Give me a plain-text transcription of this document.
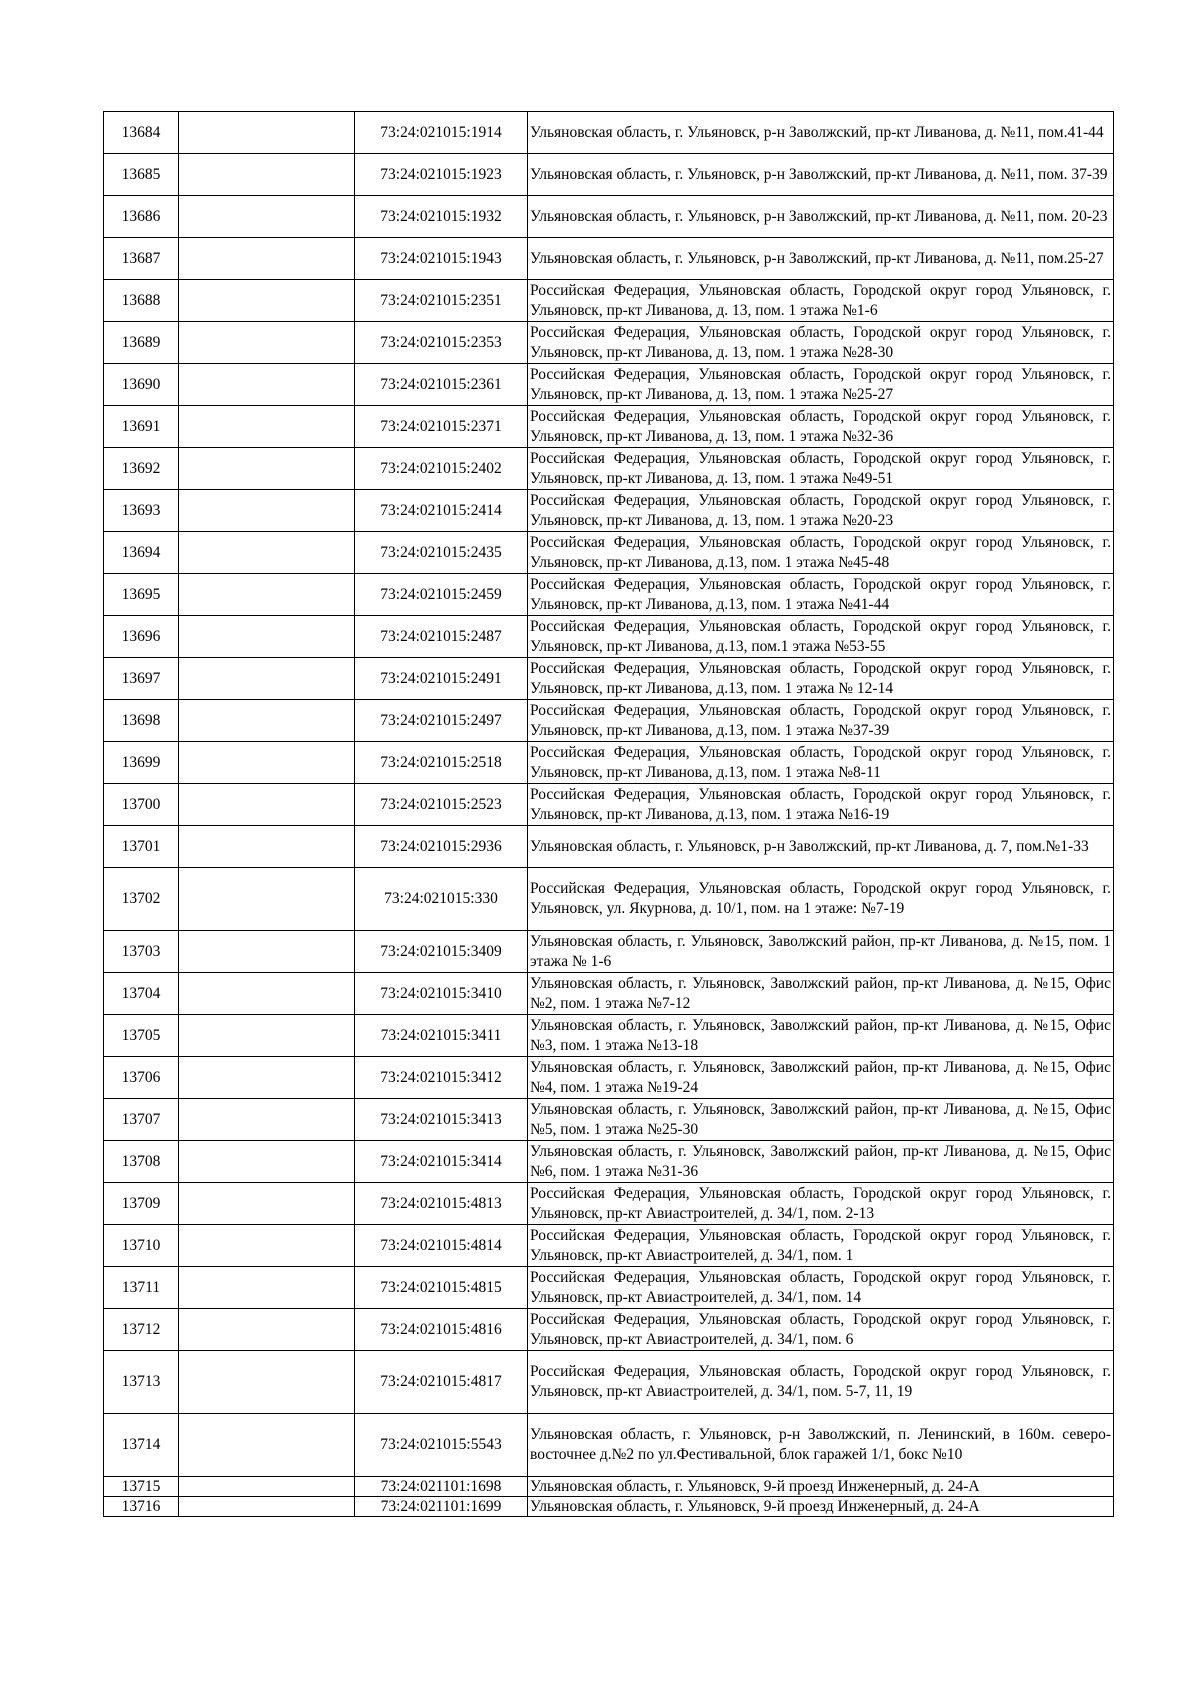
13684		73:24:021015:1914	Ульяновская область, г. Ульяновск, р-н Заволжский, пр-кт Ливанова, д. №11, пом.41-44
13685		73:24:021015:1923	Ульяновская область, г. Ульяновск, р-н Заволжский, пр-кт Ливанова, д. №11, пом. 37-39
13686		73:24:021015:1932	Ульяновская область, г. Ульяновск, р-н Заволжский, пр-кт Ливанова, д. №11, пом. 20-23
13687		73:24:021015:1943	Ульяновская область, г. Ульяновск, р-н Заволжский, пр-кт Ливанова, д. №11, пом.25-27
13688		73:24:021015:2351	Российская Федерация, Ульяновская область, Городской округ город Ульяновск, г. Ульяновск, пр-кт Ливанова, д. 13, пом. 1 этажа №1-6
13689		73:24:021015:2353	Российская Федерация, Ульяновская область, Городской округ город Ульяновск, г. Ульяновск, пр-кт Ливанова, д. 13, пом. 1 этажа №28-30
13690		73:24:021015:2361	Российская Федерация, Ульяновская область, Городской округ город Ульяновск, г. Ульяновск, пр-кт Ливанова, д. 13, пом. 1 этажа №25-27
13691		73:24:021015:2371	Российская Федерация, Ульяновская область, Городской округ город Ульяновск, г. Ульяновск, пр-кт Ливанова, д. 13, пом. 1 этажа №32-36
13692		73:24:021015:2402	Российская Федерация, Ульяновская область, Городской округ город Ульяновск, г. Ульяновск, пр-кт Ливанова, д. 13, пом. 1 этажа №49-51
13693		73:24:021015:2414	Российская Федерация, Ульяновская область, Городской округ город Ульяновск, г. Ульяновск, пр-кт Ливанова, д. 13, пом. 1 этажа №20-23
13694		73:24:021015:2435	Российская Федерация, Ульяновская область, Городской округ город Ульяновск, г. Ульяновск, пр-кт Ливанова, д.13, пом. 1 этажа №45-48
13695		73:24:021015:2459	Российская Федерация, Ульяновская область, Городской округ город Ульяновск, г. Ульяновск, пр-кт Ливанова, д.13, пом. 1 этажа №41-44
13696		73:24:021015:2487	Российская Федерация, Ульяновская область, Городской округ город Ульяновск, г. Ульяновск, пр-кт Ливанова, д.13, пом.1 этажа №53-55
13697		73:24:021015:2491	Российская Федерация, Ульяновская область, Городской округ город Ульяновск, г. Ульяновск, пр-кт Ливанова, д.13, пом. 1 этажа № 12-14
13698		73:24:021015:2497	Российская Федерация, Ульяновская область, Городской округ город Ульяновск, г. Ульяновск, пр-кт Ливанова, д.13, пом. 1 этажа №37-39
13699		73:24:021015:2518	Российская Федерация, Ульяновская область, Городской округ город Ульяновск, г. Ульяновск, пр-кт Ливанова, д.13, пом. 1 этажа №8-11
13700		73:24:021015:2523	Российская Федерация, Ульяновская область, Городской округ город Ульяновск, г. Ульяновск, пр-кт Ливанова, д.13, пом. 1 этажа №16-19
13701		73:24:021015:2936	Ульяновская область, г. Ульяновск, р-н Заволжский, пр-кт Ливанова, д. 7, пом.№1-33
13702		73:24:021015:330	Российская Федерация, Ульяновская область, Городской округ город Ульяновск, г. Ульяновск, ул. Якурнова, д. 10/1, пом. на 1 этаже: №7-19
13703		73:24:021015:3409	Ульяновская область, г. Ульяновск, Заволжский район, пр-кт Ливанова, д. №15, пом. 1 этажа № 1-6
13704		73:24:021015:3410	Ульяновская область, г. Ульяновск, Заволжский район, пр-кт Ливанова, д. №15, Офис №2, пом. 1 этажа №7-12
13705		73:24:021015:3411	Ульяновская область, г. Ульяновск, Заволжский район, пр-кт Ливанова, д. №15, Офис №3, пом. 1 этажа №13-18
13706		73:24:021015:3412	Ульяновская область, г. Ульяновск, Заволжский район, пр-кт Ливанова, д. №15, Офис №4, пом. 1 этажа №19-24
13707		73:24:021015:3413	Ульяновская область, г. Ульяновск, Заволжский район, пр-кт Ливанова, д. №15, Офис №5, пом. 1 этажа №25-30
13708		73:24:021015:3414	Ульяновская область, г. Ульяновск, Заволжский район, пр-кт Ливанова, д. №15, Офис №6, пом. 1 этажа №31-36
13709		73:24:021015:4813	Российская Федерация, Ульяновская область, Городской округ город Ульяновск, г. Ульяновск, пр-кт Авиастроителей, д. 34/1, пом. 2-13
13710		73:24:021015:4814	Российская Федерация, Ульяновская область, Городской округ город Ульяновск, г. Ульяновск, пр-кт Авиастроителей, д. 34/1, пом. 1
13711		73:24:021015:4815	Российская Федерация, Ульяновская область, Городской округ город Ульяновск, г. Ульяновск, пр-кт Авиастроителей, д. 34/1, пом. 14
13712		73:24:021015:4816	Российская Федерация, Ульяновская область, Городской округ город Ульяновск, г. Ульяновск, пр-кт Авиастроителей, д. 34/1, пом. 6
13713		73:24:021015:4817	Российская Федерация, Ульяновская область, Городской округ город Ульяновск, г. Ульяновск, пр-кт Авиастроителей, д. 34/1, пом. 5-7, 11, 19
13714		73:24:021015:5543	Ульяновская область, г. Ульяновск, р-н Заволжский, п. Ленинский, в 160м. северо-восточнее д.№2 по ул.Фестивальной, блок гаражей 1/1, бокс №10
13715		73:24:021101:1698	Ульяновская область, г. Ульяновск, 9-й проезд Инженерный, д. 24-А
13716		73:24:021101:1699	Ульяновская область, г. Ульяновск, 9-й проезд Инженерный, д. 24-А
